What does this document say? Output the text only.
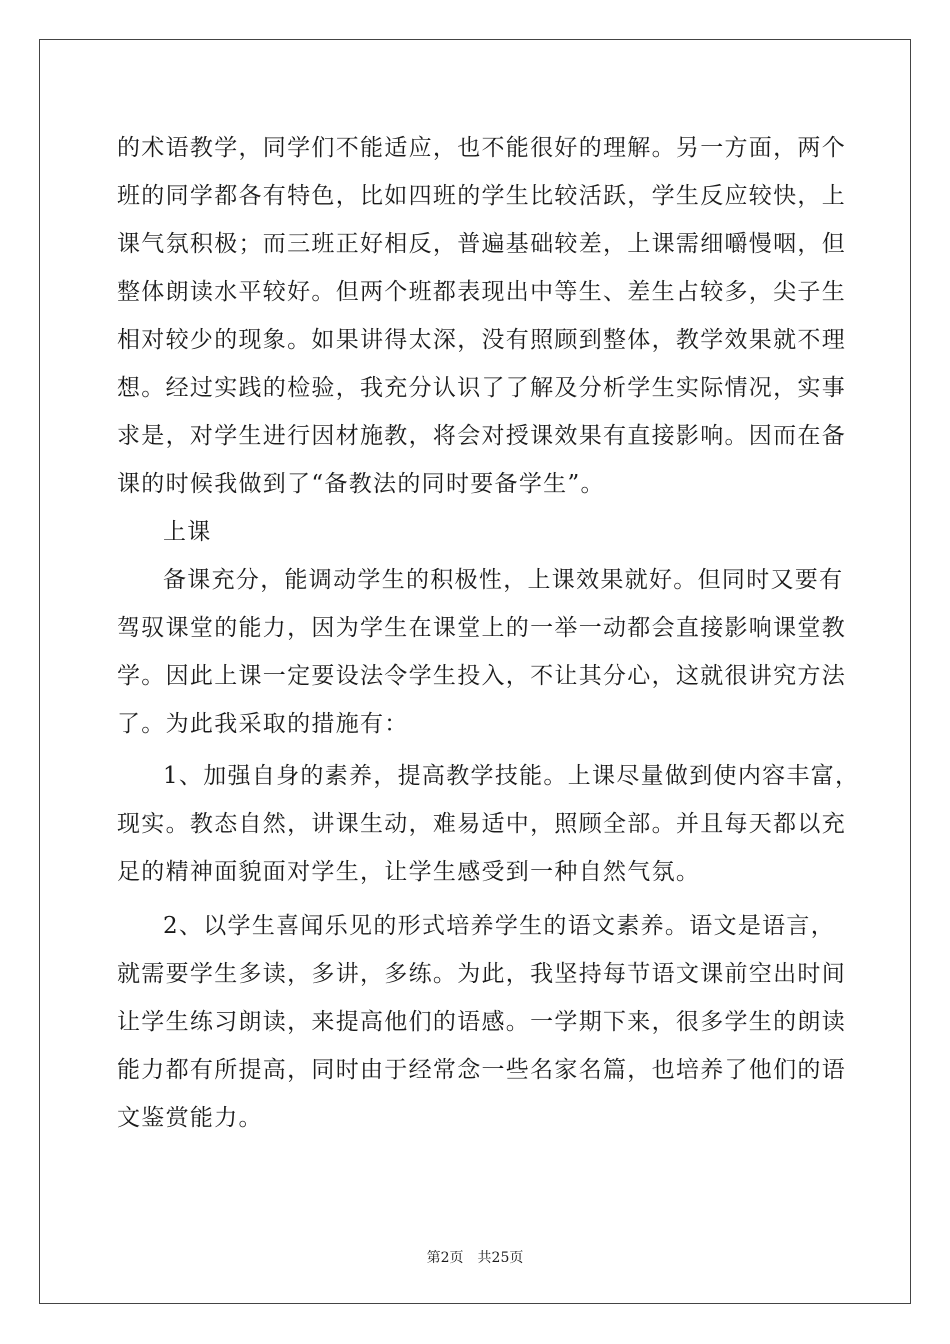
的术语教学，同学们不能适应，也不能很好的理解。另一方面，两个
班的同学都各有特色，比如四班的学生比较活跃，学生反应较快，上
课气氛积极；而三班正好相反，普遍基础较差，上课需细嚼慢咽，但
整体朗读水平较好。但两个班都表现出中等生、差生占较多，尖子生
相对较少的现象。如果讲得太深，没有照顾到整体，教学效果就不理
想。经过实践的检验，我充分认识了了解及分析学生实际情况，实事
求是，对学生进行因材施教，将会对授课效果有直接影响。因而在备
课的时候我做到了“备教法的同时要备学生”。
上课
备课充分，能调动学生的积极性，上课效果就好。但同时又要有
驾驭课堂的能力，因为学生在课堂上的一举一动都会直接影响课堂教
学。因此上课一定要设法令学生投入，不让其分心，这就很讲究方法
了。为此我采取的措施有：
1、加强自身的素养，提高教学技能。上课尽量做到使内容丰富，
现实。教态自然，讲课生动，难易适中，照顾全部。并且每天都以充
足的精神面貌面对学生，让学生感受到一种自然气氛。
2、以学生喜闻乐见的形式培养学生的语文素养。语文是语言，
就需要学生多读，多讲，多练。为此，我坚持每节语文课前空出时间
让学生练习朗读，来提高他们的语感。一学期下来，很多学生的朗读
能力都有所提高，同时由于经常念一些名家名篇，也培养了他们的语
文鉴赏能力。
第2页 共25页
